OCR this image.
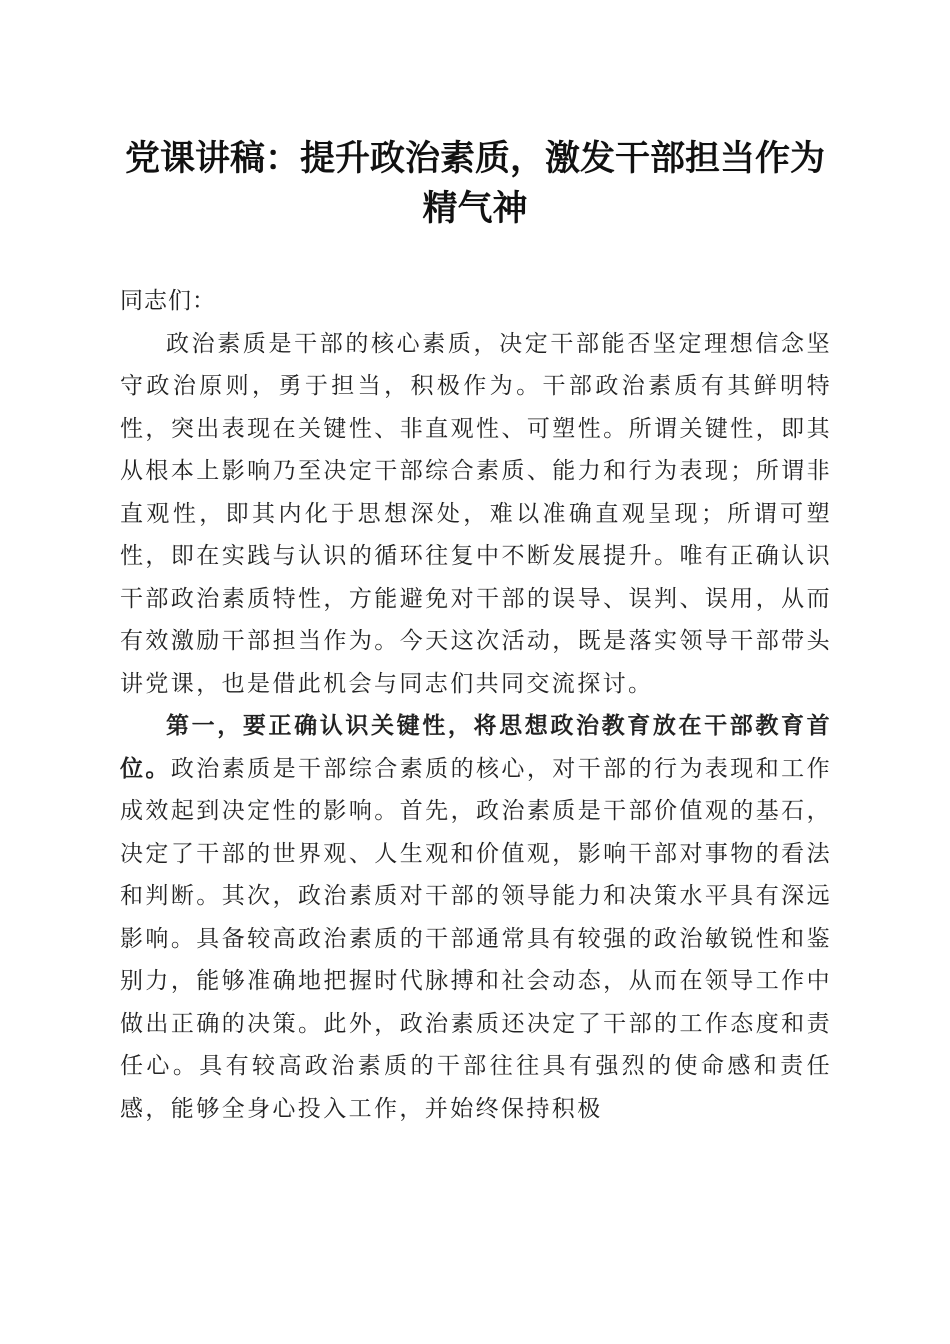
党课讲稿：提升政治素质，激发干部担当作为
精气神

同志们：

政治素质是干部的核心素质，决定干部能否坚定理想信念坚守政治原则，勇于担当，积极作为。干部政治素质有其鲜明特性，突出表现在关键性、非直观性、可塑性。所谓关键性，即其从根本上影响乃至决定干部综合素质、能力和行为表现；所谓非直观性，即其内化于思想深处，难以准确直观呈现；所谓可塑性，即在实践与认识的循环往复中不断发展提升。唯有正确认识干部政治素质特性，方能避免对干部的误导、误判、误用，从而有效激励干部担当作为。今天这次活动，既是落实领导干部带头讲党课，也是借此机会与同志们共同交流探讨。

第一，要正确认识关键性，将思想政治教育放在干部教育首位。政治素质是干部综合素质的核心，对干部的行为表现和工作成效起到决定性的影响。首先，政治素质是干部价值观的基石，决定了干部的世界观、人生观和价值观，影响干部对事物的看法和判断。其次，政治素质对干部的领导能力和决策水平具有深远影响。具备较高政治素质的干部通常具有较强的政治敏锐性和鉴别力，能够准确地把握时代脉搏和社会动态，从而在领导工作中做出正确的决策。此外，政治素质还决定了干部的工作态度和责任心。具有较高政治素质的干部往往具有强烈的使命感和责任感，能够全身心投入工作，并始终保持积极
